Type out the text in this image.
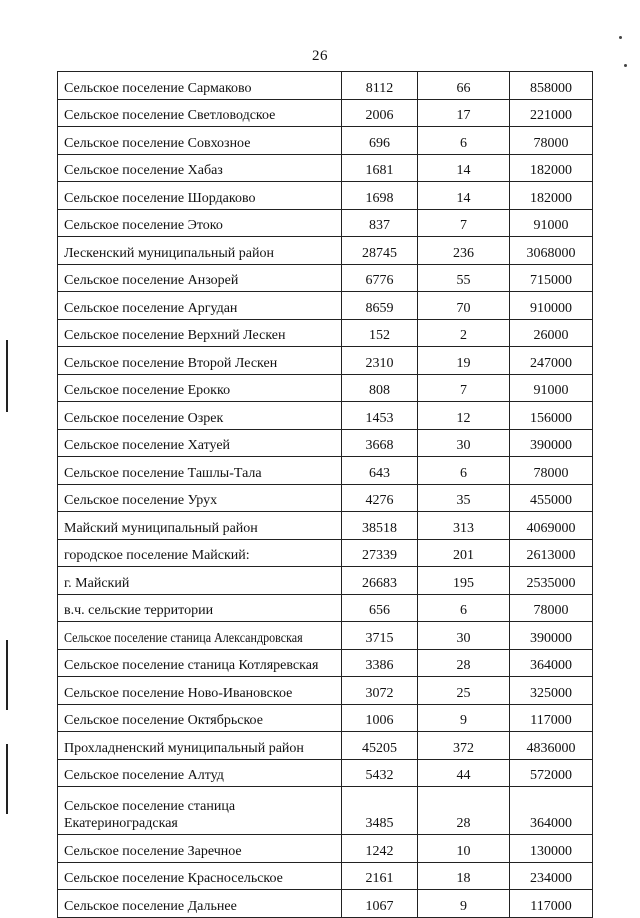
26
Сельское поселение Сармаково	8112	66	858000
Сельское поселение Светловодское	2006	17	221000
Сельское поселение Совхозное	696	6	78000
Сельское поселение Хабаз	1681	14	182000
Сельское поселение Шордаково	1698	14	182000
Сельское поселение Этоко	837	7	91000
Лескенский муниципальный район	28745	236	3068000
Сельское поселение Анзорей	6776	55	715000
Сельское поселение Аргудан	8659	70	910000
Сельское поселение Верхний Лескен	152	2	26000
Сельское поселение Второй Лескен	2310	19	247000
Сельское поселение Ерокко	808	7	91000
Сельское поселение Озрек	1453	12	156000
Сельское поселение Хатуей	3668	30	390000
Сельское поселение Ташлы-Тала	643	6	78000
Сельское поселение Урух	4276	35	455000
Майский муниципальный район	38518	313	4069000
городское поселение Майский:	27339	201	2613000
г. Майский	26683	195	2535000
в.ч. сельские территории	656	6	78000
Сельское поселение станица Александровская	3715	30	390000
Сельское поселение станица Котляревская	3386	28	364000
Сельское поселение Ново-Ивановское	3072	25	325000
Сельское поселение Октябрьское	1006	9	117000
Прохладненский муниципальный район	45205	372	4836000
Сельское поселение Алтуд	5432	44	572000

Сельское поселение станица
Екатериноградская	3485	28	364000
Сельское поселение Заречное	1242	10	130000
Сельское поселение Красносельское	2161	18	234000
Сельское поселение Дальнее	1067	9	117000
